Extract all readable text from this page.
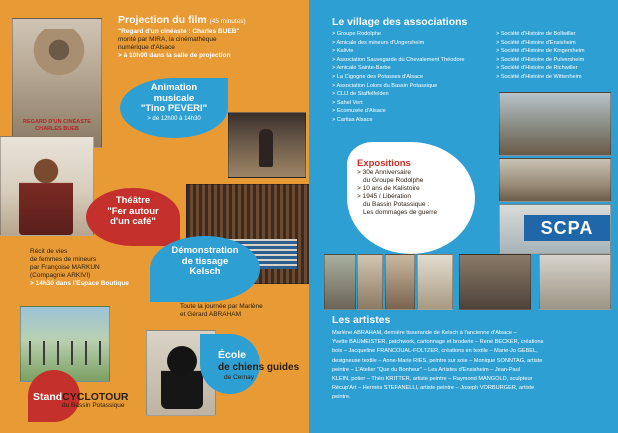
REGARD D'UN CINÉASTE CHARLES BUEB
Projection du film (45 minutes)
"Regard d'un cinéaste : Charles BUEB"
monté par MIRA, la cinémathèque
numérique d'Alsace
> à 10h00 dans la salle de projection
Animation
musicale
"Tino PEVERI"
> de 12h00 à 14h30
Théâtre
"Fer autour
d'un café"
Récit de vies
de femmes de mineurs
par Françoise MARKUN
(Compagnie ARKIVI)
> 14h30 dans l'Espace Boutique
Démonstration
de tissage
Kelsch
Toute la journée par Marlène
et Gérard ABRAHAM
StandCYCLOTOUR
du Bassin Potassique
École
de chiens guides
de Cernay
Le village des associations
> Groupe Rodolphe
> Amicale des mineurs d'Ungersheim
> Kalivie
> Association Sauvegarde du Chevalement Théodore
> Amicale Sainte-Barbe
> La Cigogne des Potasses d'Alsace
> Association Lolors du Bassin Potassique
> CLIJ de Staffelfelden
> Sahel Vert
> Ecomusée d'Alsace
> Caritas Alsace
> Société d'Histoire de Bollwiller
> Société d'Histoire d'Ensisheim
> Société d'Histoire de Kingersheim
> Société d'Histoire de Pulversheim
> Société d'Histoire de Richwiller
> Société d'Histoire de Wittenheim
SCPA
Expositions
> 30e Anniversaire
du Groupe Rodolphe
> 10 ans de Kalistoire
> 1945 / Libération
du Bassin Potassique :
Les dommages de guerre
Les artistes
Marlène ABRAHAM, dernière tisserande de Kelsch à l'ancienne d'Alsace –
Yvette BAUMEISTER, patchwork, cartonnage et broderie – René BECKER, créations
bois – Jacqueline FRANCOUAL-FOLTZER, créations en textile – Marie-Jo GEBEL,
designeuse textile – Anne-Marie RIES, peintre sur soie – Monique SONNTAG, artiste
peintre – L'Atelier "Que du Bonheur" – Les Artistes d'Ensisheim – Jean-Paul
KLEIN, potier – Théo KRITTER, artiste peintre – Raymond MANGOLD, sculpteur
Récup'Art – Hermès STEFANELLI, artiste peintre – Joseph VORBURGER, artiste
peintre.
